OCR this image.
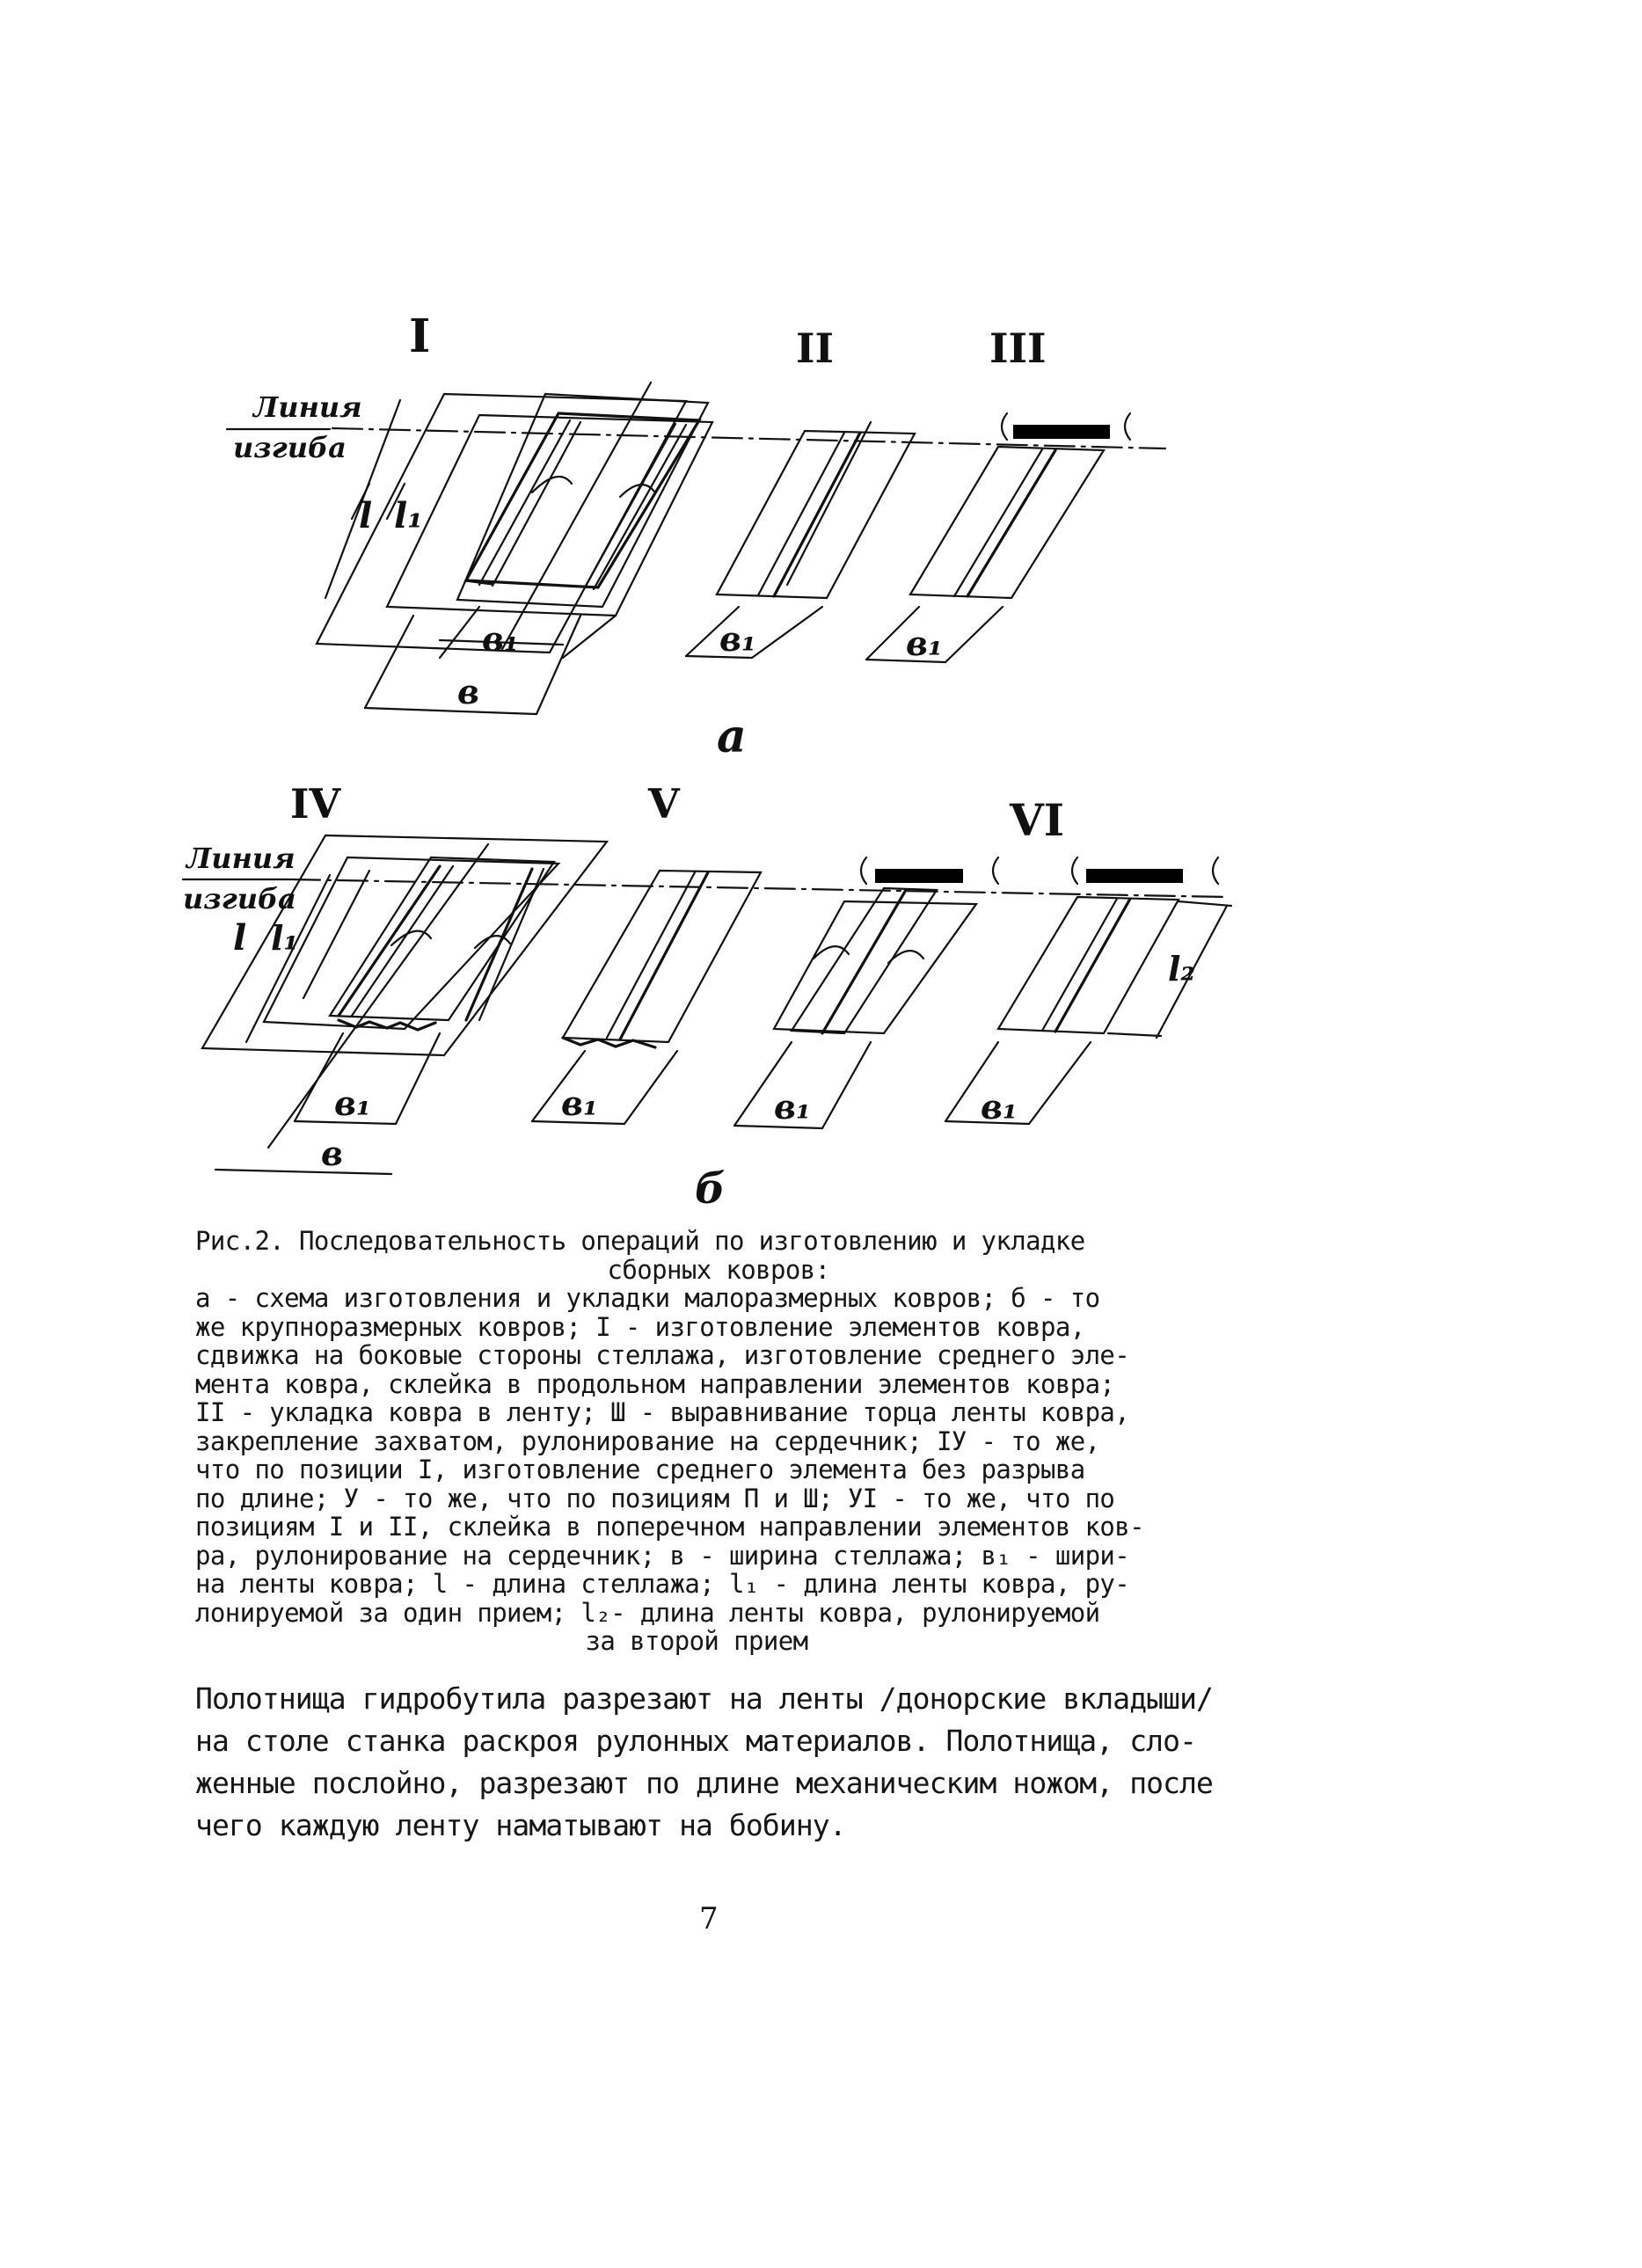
I	II	III
Линия
изгиба
l l₁
в₁
в
в₁	в₁
а
IV	V	VI
Линия
изгиба
l l₁
в₁
в
в₁	в₁
l₂
в₁
б
Рис.2. Последовательность операций по изготовлению и укладке
сборных ковров:
а - схема изготовления и укладки малоразмерных ковров; б - то
же крупноразмерных ковров; I - изготовление элементов ковра,
сдвижка на боковые стороны стеллажа, изготовление среднего эле-
мента ковра, склейка в продольном направлении элементов ковра;
II - укладка ковра в ленту; Ш - выравнивание торца ленты ковра,
закрепление захватом, рулонирование на сердечник; IУ - то же,
что по позиции I, изготовление среднего элемента без разрыва
по длине; У - то же, что по позициям П и Ш; УI - то же, что по
позициям I и II, склейка в поперечном направлении элементов ков-
ра, рулонирование на сердечник; в - ширина стеллажа; в₁ - шири-
на ленты ковра; l - длина стеллажа; l₁ - длина ленты ковра, ру-
лонируемой за один прием; l₂- длина ленты ковра, рулонируемой
за второй прием
Полотнища гидробутила разрезают на ленты /донорские вкладыши/
на столе станка раскроя рулонных материалов. Полотнища, сло-
женные послойно, разрезают по длине механическим ножом, после
чего каждую ленту наматывают на бобину.
7
